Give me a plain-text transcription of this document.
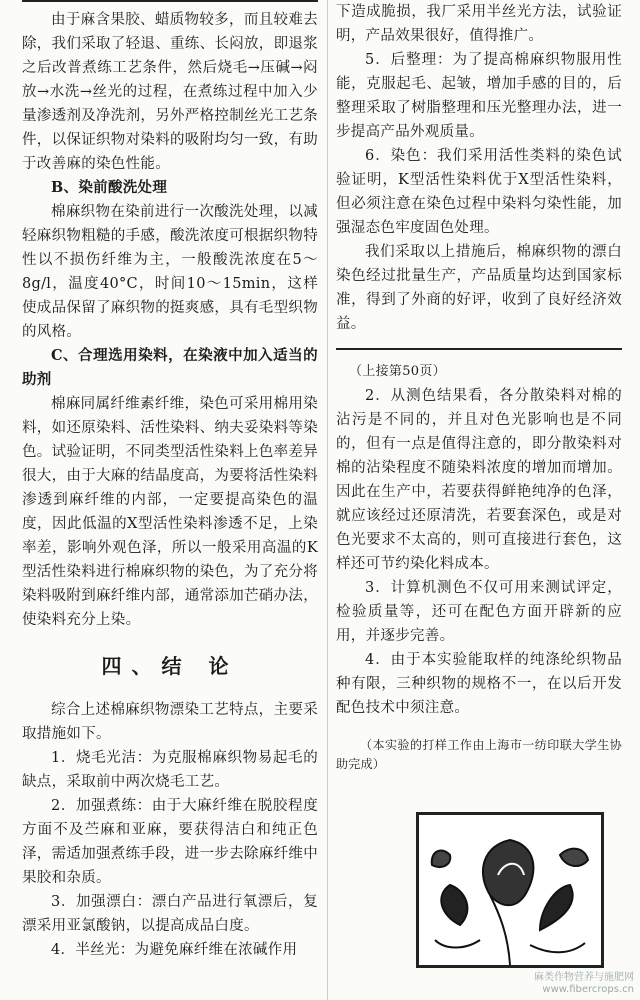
由于麻含果胶、蜡质物较多，而且较难去除，我们采取了轻退、重练、长闷放，即退浆之后改普煮练工艺条件，然后烧毛→压碱→闷放→水洗→丝光的过程，在煮练过程中加入少量渗透剂及净洗剂，另外严格控制丝光工艺条件，以保证织物对染料的吸附均匀一致，有助于改善麻的染色性能。

B、染前酸洗处理

棉麻织物在染前进行一次酸洗处理，以减轻麻织物粗糙的手感，酸洗浓度可根据织物特性以不损伤纤维为主，一般酸洗浓度在5～8g/l，温度40°C，时间10～15min，这样使成品保留了麻织物的挺爽感，具有毛型织物的风格。

C、合理选用染料，在染液中加入适当的助剂

棉麻同属纤维素纤维，染色可采用棉用染料，如还原染料、活性染料、纳夫妥染料等染色。试验证明，不同类型活性染料上色率差异很大，由于大麻的结晶度高，为要将活性染料渗透到麻纤维的内部，一定要提高染色的温度，因此低温的X型活性染料渗透不足，上染率差，影响外观色泽，所以一般采用高温的K型活性染料进行棉麻织物的染色，为了充分将染料吸附到麻纤维内部，通常添加芒硝办法，使染料充分上染。

四、结 论

综合上述棉麻织物漂染工艺特点，主要采取措施如下。

1．烧毛光洁：为克服棉麻织物易起毛的缺点，采取前中两次烧毛工艺。

2．加强煮练：由于大麻纤维在脱胶程度方面不及苎麻和亚麻，要获得洁白和纯正色泽，需适加强煮练手段，进一步去除麻纤维中果胶和杂质。

3．加强漂白：漂白产品进行氧漂后，复漂采用亚氯酸钠，以提高成品白度。

4．半丝光：为避免麻纤维在浓碱作用

下造成脆损，我厂采用半丝光方法，试验证明，产品效果很好，值得推广。

5．后整理：为了提高棉麻织物服用性能，克服起毛、起皱，增加手感的目的，后整理采取了树脂整理和压光整理办法，进一步提高产品外观质量。

6．染色：我们采用活性类料的染色试验证明，K型活性染料优于X型活性染料，但必须注意在染色过程中染料匀染性能，加强湿态色牢度固色处理。

我们采取以上措施后，棉麻织物的漂白染色经过批量生产，产品质量均达到国家标准，得到了外商的好评，收到了良好经济效益。

（上接第50页）

2．从测色结果看，各分散染料对棉的沾污是不同的，并且对色光影响也是不同的，但有一点是值得注意的，即分散染料对棉的沾染程度不随染料浓度的增加而增加。因此在生产中，若要获得鲜艳纯净的色泽，就应该经过还原清洗，若要套深色，或是对色光要求不太高的，则可直接进行套色，这样还可节约染化料成本。

3．计算机测色不仅可用来测试评定，检验质量等，还可在配色方面开辟新的应用，并逐步完善。

4．由于本实验能取样的纯涤纶织物品种有限，三种织物的规格不一，在以后开发配色技术中须注意。

（本实验的打样工作由上海市一纺印联大学生协助完成）

麻类作物营养与施肥网
www.fibercrops.cn
